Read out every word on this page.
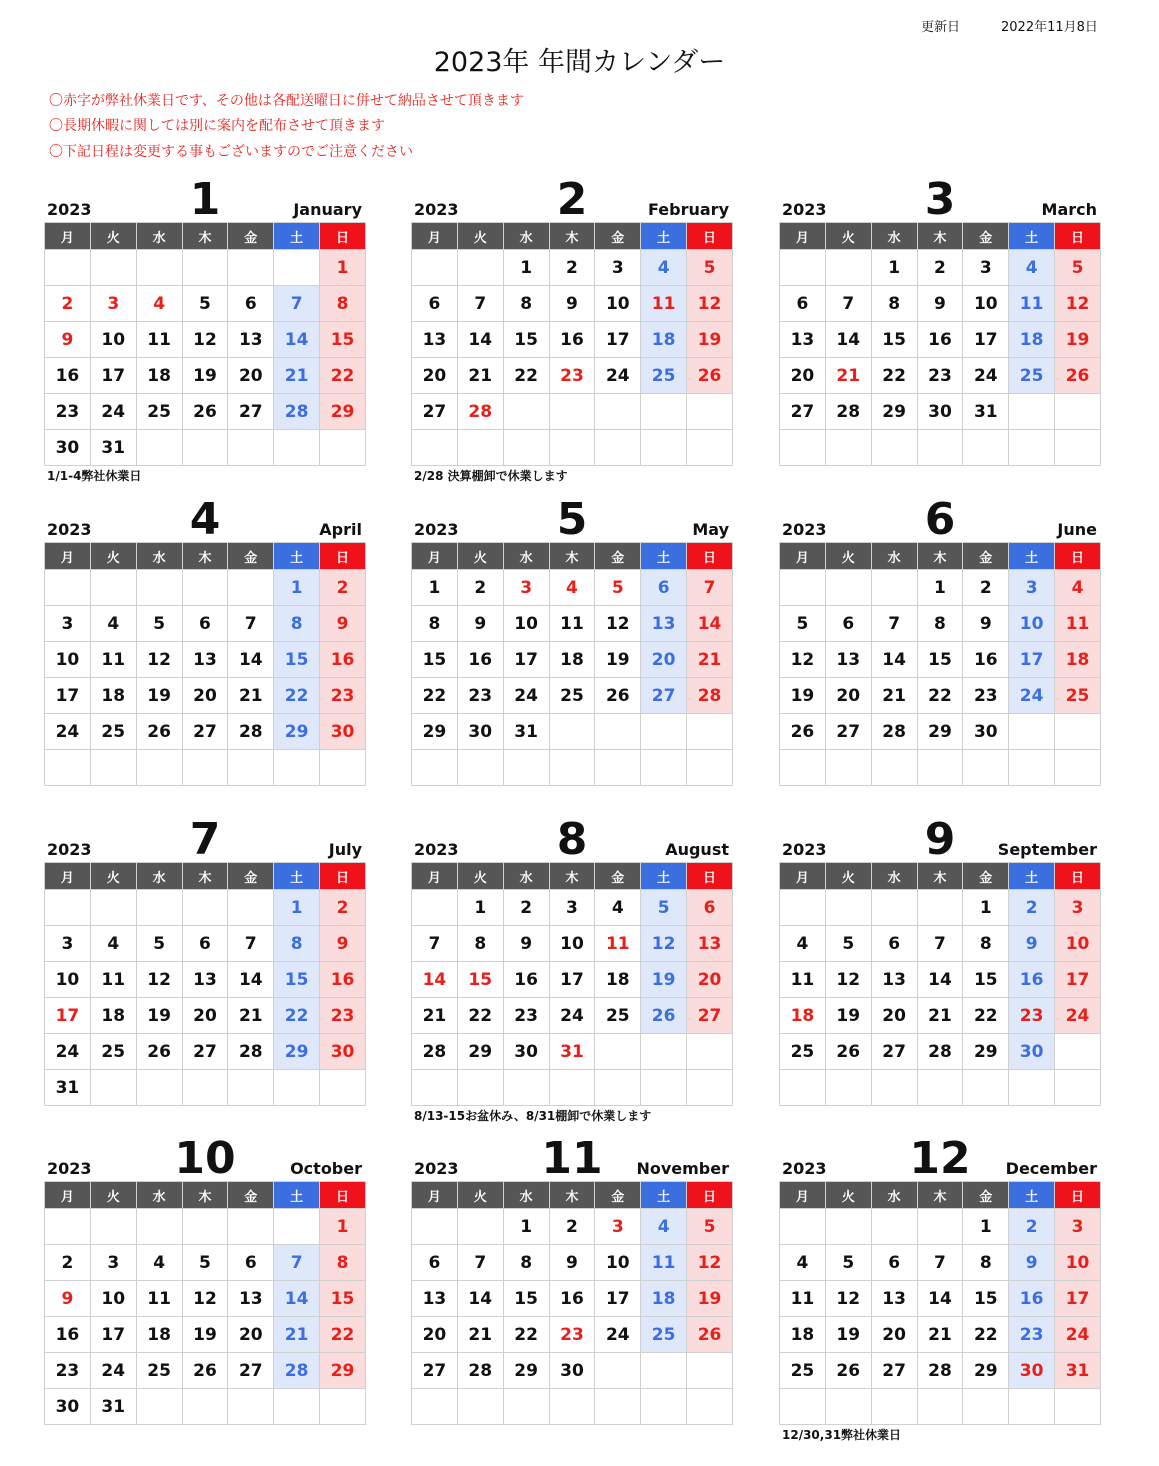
更新日	2022年11月8日
2023年 年間カレンダー
〇赤字が弊社休業日です、その他は各配送曜日に併せて納品させて頂きます
〇長期休暇に関しては別に案内を配布させて頂きます
〇下記日程は変更する事もございますのでご注意ください
2023	1	January
月	火	水	木	金	土	日
						1
2	3	4	5	6	7	8
9	10	11	12	13	14	15
16	17	18	19	20	21	22
23	24	25	26	27	28	29
30	31					
1/1-4弊社休業日
2023	2	February
月	火	水	木	金	土	日
		1	2	3	4	5
6	7	8	9	10	11	12
13	14	15	16	17	18	19
20	21	22	23	24	25	26
27	28					

2/28 決算棚卸で休業します
2023	3	March
月	火	水	木	金	土	日
		1	2	3	4	5
6	7	8	9	10	11	12
13	14	15	16	17	18	19
20	21	22	23	24	25	26
27	28	29	30	31		

2023	4	April
月	火	水	木	金	土	日
					1	2
3	4	5	6	7	8	9
10	11	12	13	14	15	16
17	18	19	20	21	22	23
24	25	26	27	28	29	30

2023	5	May
月	火	水	木	金	土	日
1	2	3	4	5	6	7
8	9	10	11	12	13	14
15	16	17	18	19	20	21
22	23	24	25	26	27	28
29	30	31				

2023	6	June
月	火	水	木	金	土	日
			1	2	3	4
5	6	7	8	9	10	11
12	13	14	15	16	17	18
19	20	21	22	23	24	25
26	27	28	29	30		

2023	7	July
月	火	水	木	金	土	日
					1	2
3	4	5	6	7	8	9
10	11	12	13	14	15	16
17	18	19	20	21	22	23
24	25	26	27	28	29	30
31						
2023	8	August
月	火	水	木	金	土	日
	1	2	3	4	5	6
7	8	9	10	11	12	13
14	15	16	17	18	19	20
21	22	23	24	25	26	27
28	29	30	31			

8/13-15お盆休み、8/31棚卸で休業します
2023	9	September
月	火	水	木	金	土	日
				1	2	3
4	5	6	7	8	9	10
11	12	13	14	15	16	17
18	19	20	21	22	23	24
25	26	27	28	29	30	

2023	10	October
月	火	水	木	金	土	日
						1
2	3	4	5	6	7	8
9	10	11	12	13	14	15
16	17	18	19	20	21	22
23	24	25	26	27	28	29
30	31					
2023	11	November
月	火	水	木	金	土	日
		1	2	3	4	5
6	7	8	9	10	11	12
13	14	15	16	17	18	19
20	21	22	23	24	25	26
27	28	29	30			

2023	12	December
月	火	水	木	金	土	日
				1	2	3
4	5	6	7	8	9	10
11	12	13	14	15	16	17
18	19	20	21	22	23	24
25	26	27	28	29	30	31

12/30,31弊社休業日
